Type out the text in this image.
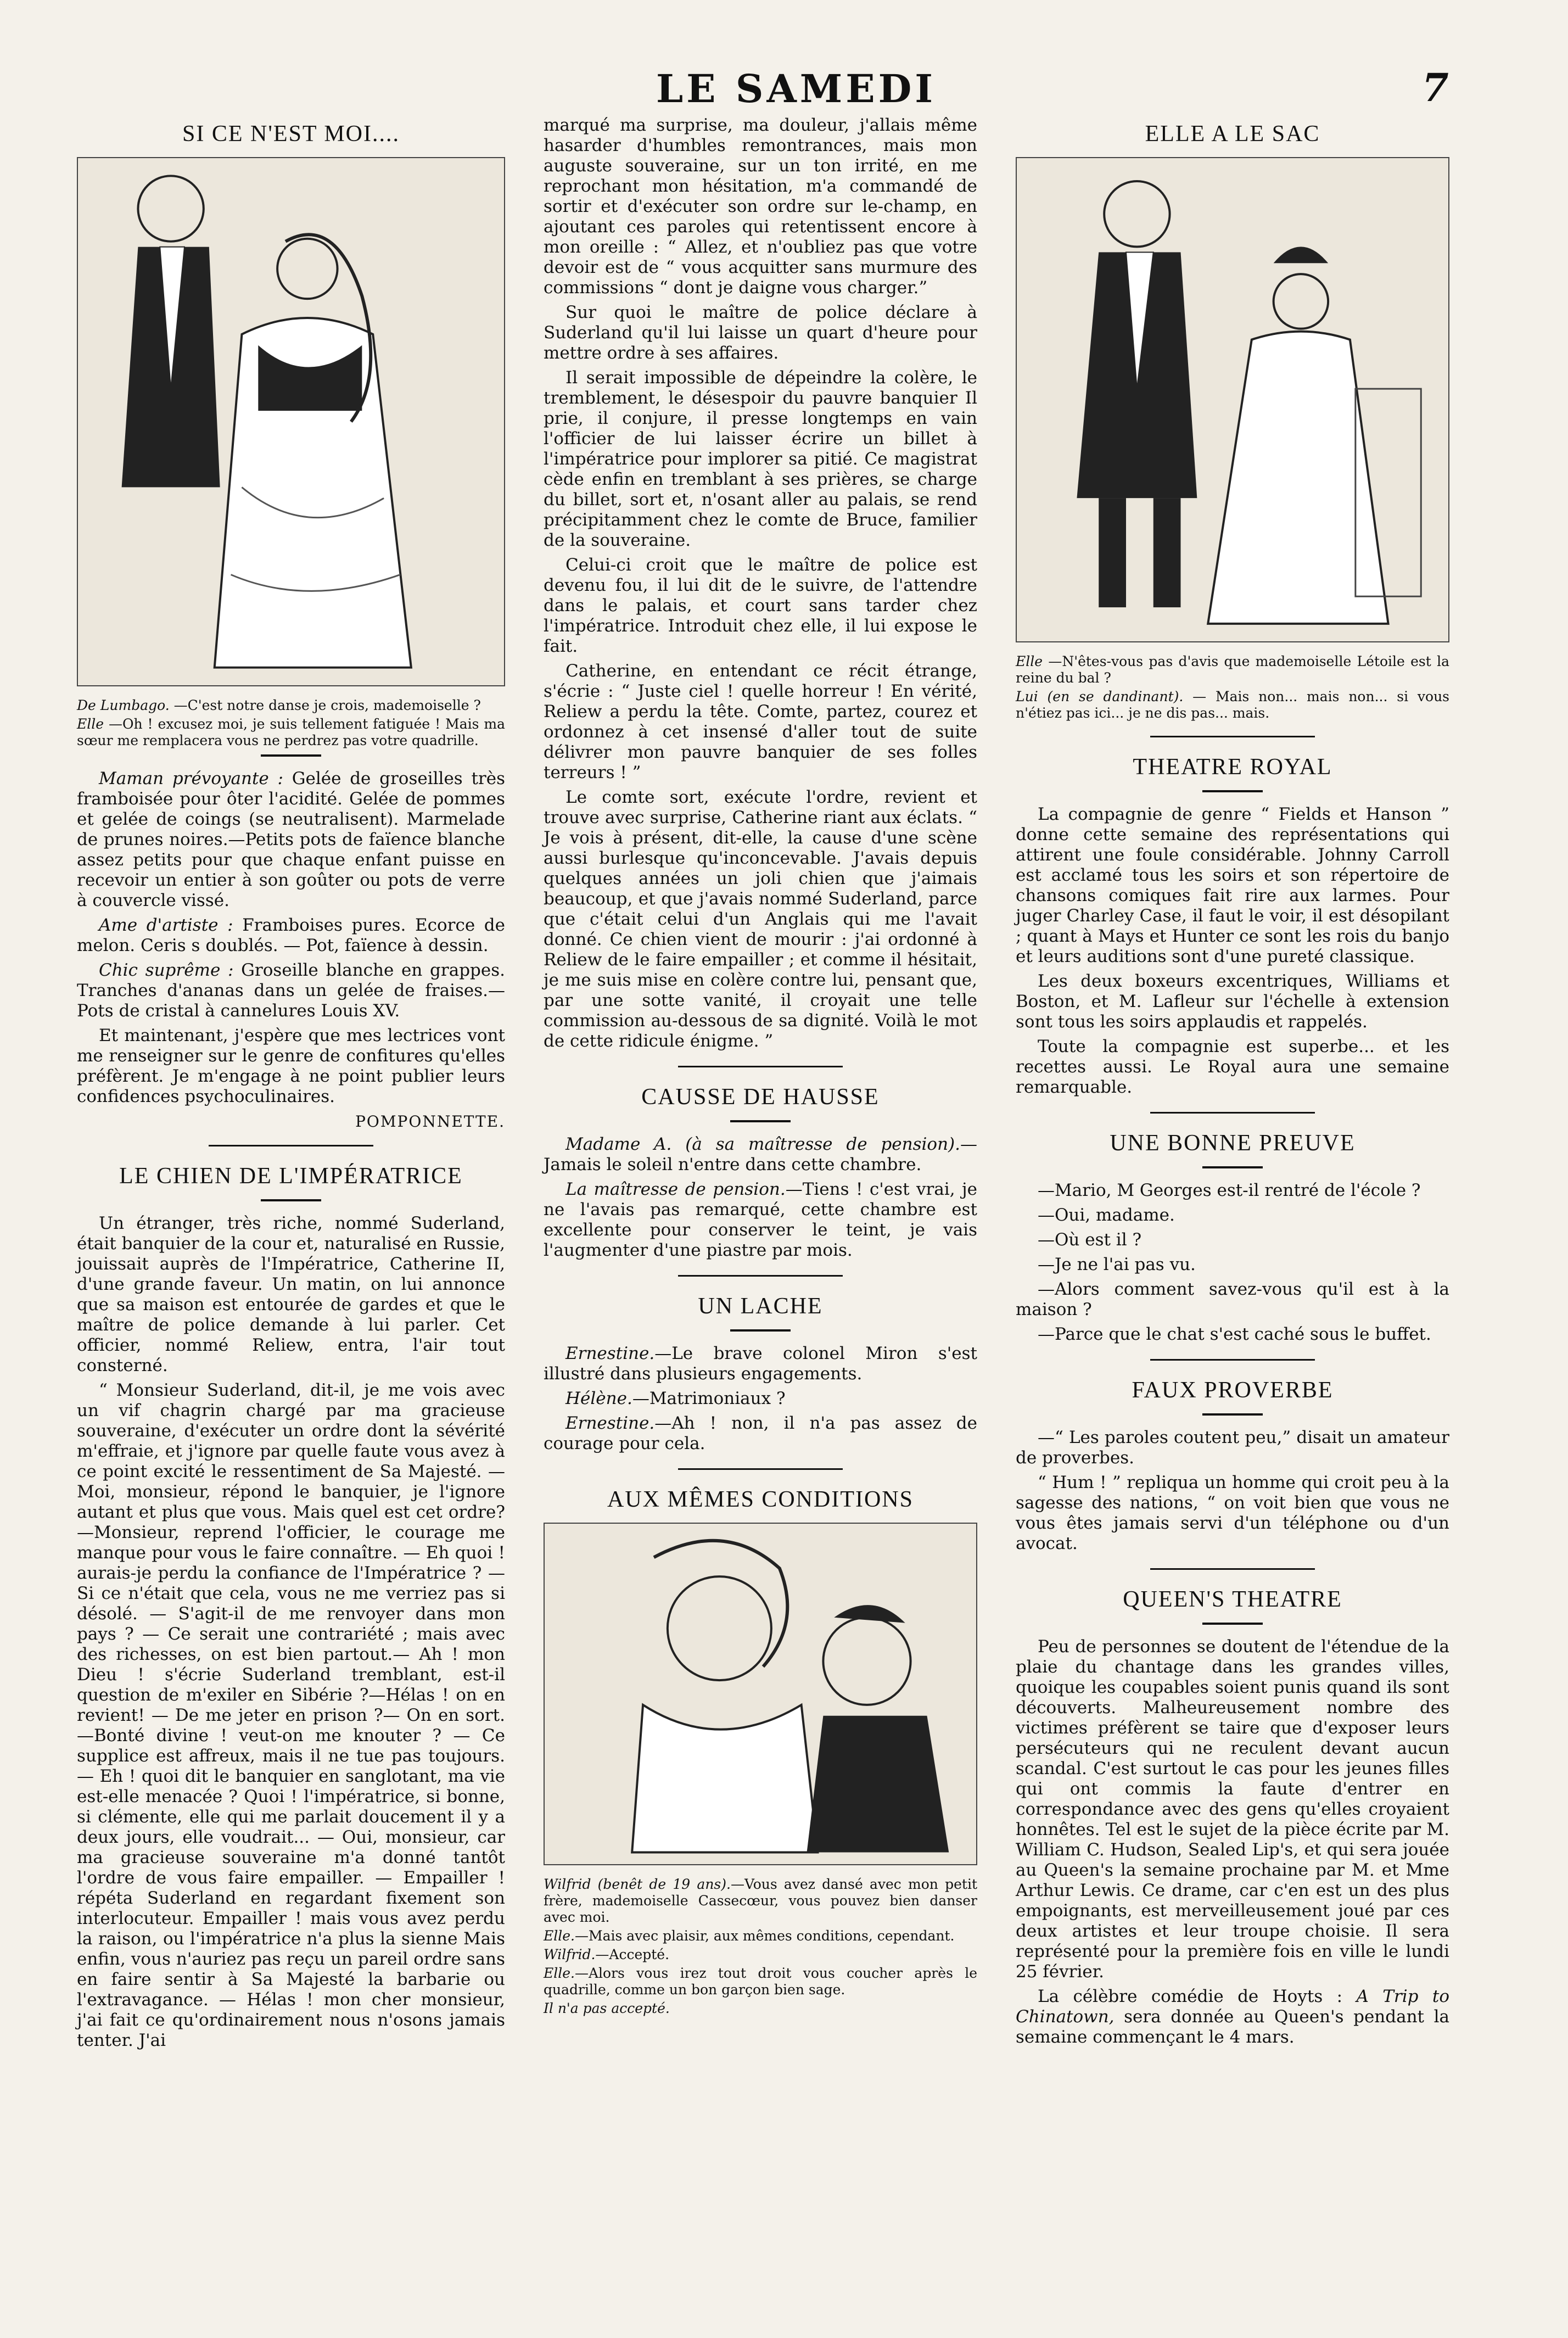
LE SAMEDI	7
SI CE N'EST MOI....

De Lumbago. —C'est notre danse je crois, mademoiselle ?

Elle —Oh ! excusez moi, je suis tellement fatiguée ! Mais ma sœur me remplacera vous ne perdrez pas votre quadrille.

Maman prévoyante : Gelée de groseilles très framboisée pour ôter l'acidité. Gelée de pommes et gelée de coings (se neutralisent). Marmelade de prunes noires.—Petits pots de faïence blanche assez petits pour que chaque enfant puisse en recevoir un entier à son goûter ou pots de verre à couvercle vissé.

Ame d'artiste : Framboises pures. Ecorce de melon. Ceris s doublés. — Pot, faïence à dessin.

Chic suprême : Groseille blanche en grappes. Tranches d'ananas dans un gelée de fraises.—Pots de cristal à cannelures Louis XV.

Et maintenant, j'espère que mes lectrices vont me renseigner sur le genre de confitures qu'elles préfèrent. Je m'engage à ne point publier leurs confidences psychoculinaires.

POMPONNETTE.
LE CHIEN DE L'IMPÉRATRICE

Un étranger, très riche, nommé Suderland, était banquier de la cour et, naturalisé en Russie, jouissait auprès de l'Impératrice, Catherine II, d'une grande faveur. Un matin, on lui annonce que sa maison est entourée de gardes et que le maître de police demande à lui parler. Cet officier, nommé Reliew, entra, l'air tout consterné.

“ Monsieur Suderland, dit-il, je me vois avec un vif chagrin chargé par ma gracieuse souveraine, d'exécuter un ordre dont la sévérité m'effraie, et j'ignore par quelle faute vous avez à ce point excité le ressentiment de Sa Majesté. — Moi, monsieur, répond le banquier, je l'ignore autant et plus que vous. Mais quel est cet ordre? —Monsieur, reprend l'officier, le courage me manque pour vous le faire connaître. — Eh quoi ! aurais-je perdu la confiance de l'Impératrice ? — Si ce n'était que cela, vous ne me verriez pas si désolé. — S'agit-il de me renvoyer dans mon pays ? — Ce serait une contrariété ; mais avec des richesses, on est bien partout.— Ah ! mon Dieu ! s'écrie Suderland tremblant, est-il question de m'exiler en Sibérie ?—Hélas ! on en revient! — De me jeter en prison ?— On en sort.—Bonté divine ! veut-on me knouter ? — Ce supplice est affreux, mais il ne tue pas toujours. — Eh ! quoi dit le banquier en sanglotant, ma vie est-elle menacée ? Quoi ! l'impératrice, si bonne, si clémente, elle qui me parlait doucement il y a deux jours, elle voudrait... — Oui, monsieur, car ma gracieuse souveraine m'a donné tantôt l'ordre de vous faire empailler. — Empailler ! répéta Suderland en regardant fixement son interlocuteur. Empailler ! mais vous avez perdu la raison, ou l'impératrice n'a plus la sienne Mais enfin, vous n'auriez pas reçu un pareil ordre sans en faire sentir à Sa Majesté la barbarie ou l'extravagance. — Hélas ! mon cher monsieur, j'ai fait ce qu'ordinairement nous n'osons jamais tenter. J'ai

marqué ma surprise, ma douleur, j'allais même hasarder d'humbles remontrances, mais mon auguste souveraine, sur un ton irrité, en me reprochant mon hésitation, m'a commandé de sortir et d'exécuter son ordre sur le-champ, en ajoutant ces paroles qui retentissent encore à mon oreille : “ Allez, et n'oubliez pas que votre devoir est de “ vous acquitter sans murmure des commissions “ dont je daigne vous charger.”

Sur quoi le maître de police déclare à Suderland qu'il lui laisse un quart d'heure pour mettre ordre à ses affaires.

Il serait impossible de dépeindre la colère, le tremblement, le désespoir du pauvre banquier Il prie, il conjure, il presse longtemps en vain l'officier de lui laisser écrire un billet à l'impératrice pour implorer sa pitié. Ce magistrat cède enfin en tremblant à ses prières, se charge du billet, sort et, n'osant aller au palais, se rend précipitamment chez le comte de Bruce, familier de la souveraine.

Celui-ci croit que le maître de police est devenu fou, il lui dit de le suivre, de l'attendre dans le palais, et court sans tarder chez l'impératrice. Introduit chez elle, il lui expose le fait.

Catherine, en entendant ce récit étrange, s'écrie : “ Juste ciel ! quelle horreur ! En vérité, Reliew a perdu la tête. Comte, partez, courez et ordonnez à cet insensé d'aller tout de suite délivrer mon pauvre banquier de ses folles terreurs ! ”

Le comte sort, exécute l'ordre, revient et trouve avec surprise, Catherine riant aux éclats. “ Je vois à présent, dit-elle, la cause d'une scène aussi burlesque qu'inconcevable. J'avais depuis quelques années un joli chien que j'aimais beaucoup, et que j'avais nommé Suderland, parce que c'était celui d'un Anglais qui me l'avait donné. Ce chien vient de mourir : j'ai ordonné à Reliew de le faire empailler ; et comme il hésitait, je me suis mise en colère contre lui, pensant que, par une sotte vanité, il croyait une telle commission au-dessous de sa dignité. Voilà le mot de cette ridicule énigme. ”

CAUSSE DE HAUSSE

Madame A. (à sa maîtresse de pension).—Jamais le soleil n'entre dans cette chambre.

La maîtresse de pension.—Tiens ! c'est vrai, je ne l'avais pas remarqué, cette chambre est excellente pour conserver le teint, je vais l'augmenter d'une piastre par mois.

UN LACHE

Ernestine.—Le brave colonel Miron s'est illustré dans plusieurs engagements.

Hélène.—Matrimoniaux ?

Ernestine.—Ah ! non, il n'a pas assez de courage pour cela.

AUX MÊMES CONDITIONS

Wilfrid (benêt de 19 ans).—Vous avez dansé avec mon petit frère, mademoiselle Cassecœur, vous pouvez bien danser avec moi.

Elle.—Mais avec plaisir, aux mêmes conditions, cependant.

Wilfrid.—Accepté.

Elle.—Alors vous irez tout droit vous coucher après le quadrille, comme un bon garçon bien sage.

Il n'a pas accepté.

ELLE A LE SAC

Elle —N'êtes-vous pas d'avis que mademoiselle Létoile est la reine du bal ?

Lui (en se dandinant). — Mais non... mais non... si vous n'étiez pas ici... je ne dis pas... mais.

THEATRE ROYAL

La compagnie de genre “ Fields et Hanson ” donne cette semaine des représentations qui attirent une foule considérable. Johnny Carroll est acclamé tous les soirs et son répertoire de chansons comiques fait rire aux larmes. Pour juger Charley Case, il faut le voir, il est désopilant ; quant à Mays et Hunter ce sont les rois du banjo et leurs auditions sont d'une pureté classique.

Les deux boxeurs excentriques, Williams et Boston, et M. Lafleur sur l'échelle à extension sont tous les soirs applaudis et rappelés.

Toute la compagnie est superbe... et les recettes aussi. Le Royal aura une semaine remarquable.

UNE BONNE PREUVE

—Mario, M Georges est-il rentré de l'école ?

—Oui, madame.

—Où est il ?

—Je ne l'ai pas vu.

—Alors comment savez-vous qu'il est à la maison ?

—Parce que le chat s'est caché sous le buffet.

FAUX PROVERBE

—“ Les paroles coutent peu,” disait un amateur de proverbes.

“ Hum ! ” repliqua un homme qui croit peu à la sagesse des nations, “ on voit bien que vous ne vous êtes jamais servi d'un téléphone ou d'un avocat.

QUEEN'S THEATRE

Peu de personnes se doutent de l'étendue de la plaie du chantage dans les grandes villes, quoique les coupables soient punis quand ils sont découverts. Malheureusement nombre des victimes préfèrent se taire que d'exposer leurs persécuteurs qui ne reculent devant aucun scandal. C'est surtout le cas pour les jeunes filles qui ont commis la faute d'entrer en correspondance avec des gens qu'elles croyaient honnêtes. Tel est le sujet de la pièce écrite par M. William C. Hudson, Sealed Lip's, et qui sera jouée au Queen's la semaine prochaine par M. et Mme Arthur Lewis. Ce drame, car c'en est un des plus empoignants, est merveilleusement joué par ces deux artistes et leur troupe choisie. Il sera représenté pour la première fois en ville le lundi 25 février.

La célèbre comédie de Hoyts : A Trip to Chinatown, sera donnée au Queen's pendant la semaine commençant le 4 mars.
